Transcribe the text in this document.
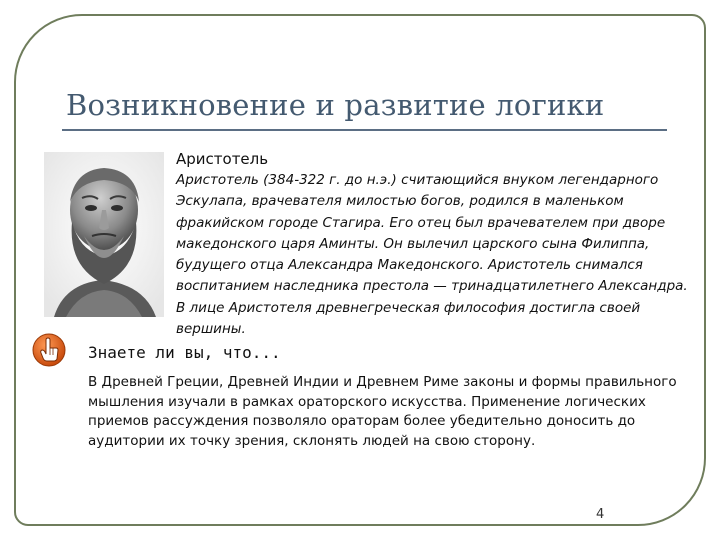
Возникновение и развитие логики
Аристотель
Аристотель (384-322 г. до н.э.) считающийся внуком легендарного Эскулапа, врачевателя милостью богов, родился в маленьком фракийском городе Стагира. Его отец был врачевателем при дворе македонского царя Аминты. Он вылечил царского сына Филиппа, будущего отца Александра Македонского. Аристотель снимался воспитанием наследника престола — тринадцатилетнего Александра. В лице Аристотеля древнегреческая философия достигла своей вершины.
Знаете ли вы, что...
В Древней Греции, Древней Индии и Древнем Риме законы и формы правильного мышления изучали в рамках ораторского искусства. Применение логических приемов рассуждения позволяло ораторам более убедительно доносить до аудитории их точку зрения, склонять людей на свою сторону.
4
